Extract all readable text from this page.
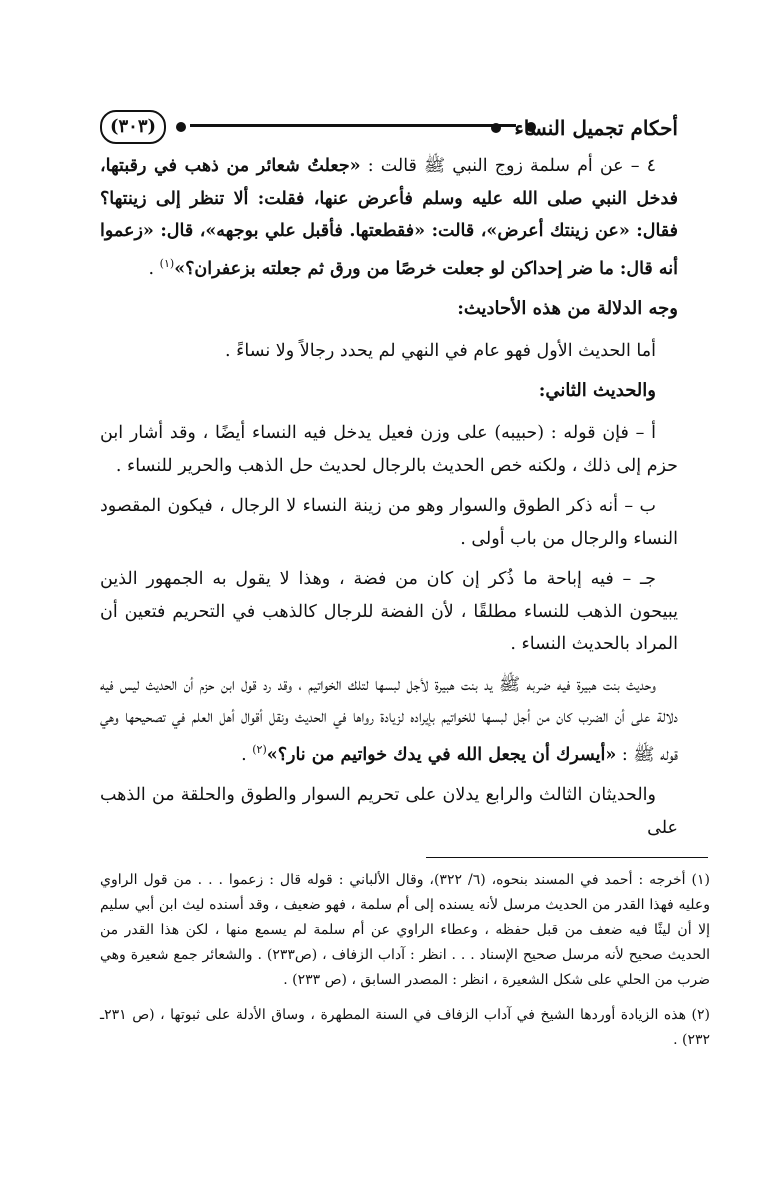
(٣٠٣)	أحكام تجميل النساء

٤ – عن أم سلمة زوج النبي ﷺ قالت : «جعلتُ شعائر من ذهب في رقبتها، فدخل النبي صلى الله عليه وسلم فأعرض عنها، فقلت: ألا تنظر إلى زينتها؟ فقال: «عن زينتك أعرض»، قالت: «فقطعتها. فأقبل علي بوجهه»، قال: «زعموا أنه قال: ما ضر إحداكن لو جعلت خرصًا من ورق ثم جعلته بزعفران؟»$^{(١)}$ .

وجه الدلالة من هذه الأحاديث:

أما الحديث الأول فهو عام في النهي لم يحدد رجالاً ولا نساءً .

والحديث الثاني:

أ – فإن قوله : (حبيبه) على وزن فعيل يدخل فيه النساء أيضًا ، وقد أشار ابن حزم إلى ذلك ، ولكنه خص الحديث بالرجال لحديث حل الذهب والحرير للنساء .

ب – أنه ذكر الطوق والسوار وهو من زينة النساء لا الرجال ، فيكون المقصود النساء والرجال من باب أولى .

جـ – فيه إباحة ما ذُكر إن كان من فضة ، وهذا لا يقول به الجمهور الذين يبيحون الذهب للنساء مطلقًا ، لأن الفضة للرجال كالذهب في التحريم فتعين أن المراد بالحديث النساء .

وحديث بنت هبيرة فيه ضربه ﷺ يد بنت هبيرة لأجل لبسها لتلك الخواتيم ، وقد رد قول ابن حزم أن الحديث ليس فيه دلالة على أن الضرب كان من أجل لبسها للخواتيم بإيراده لزيادة رواها في الحديث ونقل أقوال أهل العلم في تصحيحها وهي قوله ﷺ : «أيسرك أن يجعل الله في يدك خواتيم من نار؟»$^{(٢)}$ .

والحديثان الثالث والرابع يدلان على تحريم السوار والطوق والحلقة من الذهب على

(١) أخرجه : أحمد في المسند بنحوه، (٦/ ٣٢٢)، وقال الألباني : قوله قال : زعموا . . . من قول الراوي وعليه فهذا القدر من الحديث مرسل لأنه يسنده إلى أم سلمة ، فهو ضعيف ، وقد أسنده ليث ابن أبي سليم إلا أن ليثًا فيه ضعف من قبل حفظه ، وعطاء الراوي عن أم سلمة لم يسمع منها ، لكن هذا القدر من الحديث صحيح لأنه مرسل صحيح الإسناد . . . انظر : آداب الزفاف ، (ص٢٣٣) . والشعائر جمع شعيرة وهي ضرب من الحلي على شكل الشعيرة ، انظر : المصدر السابق ، (ص ٢٣٣) .

(٢) هذه الزيادة أوردها الشيخ في آداب الزفاف في السنة المطهرة ، وساق الأدلة على ثبوتها ، (ص ٢٣١ـ ٢٣٢) .
